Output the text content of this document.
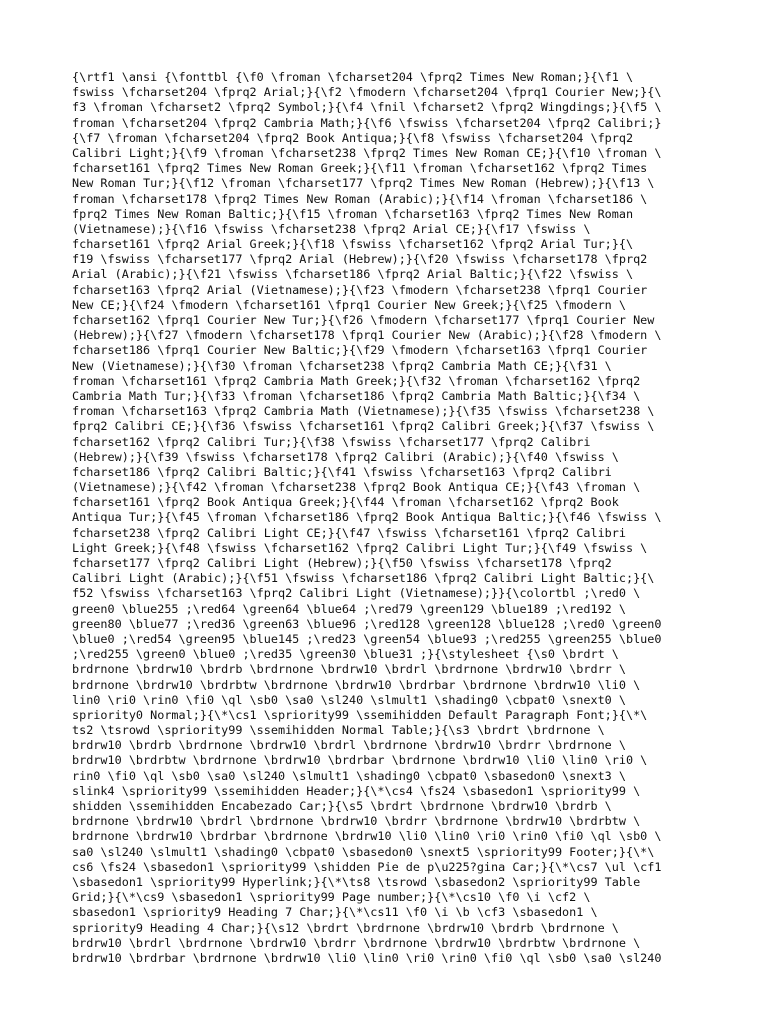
{\rtf1 \ansi {\fonttbl {\f0 \froman \fcharset204 \fprq2 Times New Roman;}{\f1 \
fswiss \fcharset204 \fprq2 Arial;}{\f2 \fmodern \fcharset204 \fprq1 Courier New;}{\
f3 \froman \fcharset2 \fprq2 Symbol;}{\f4 \fnil \fcharset2 \fprq2 Wingdings;}{\f5 \
froman \fcharset204 \fprq2 Cambria Math;}{\f6 \fswiss \fcharset204 \fprq2 Calibri;}
{\f7 \froman \fcharset204 \fprq2 Book Antiqua;}{\f8 \fswiss \fcharset204 \fprq2
Calibri Light;}{\f9 \froman \fcharset238 \fprq2 Times New Roman CE;}{\f10 \froman \
fcharset161 \fprq2 Times New Roman Greek;}{\f11 \froman \fcharset162 \fprq2 Times
New Roman Tur;}{\f12 \froman \fcharset177 \fprq2 Times New Roman (Hebrew);}{\f13 \
froman \fcharset178 \fprq2 Times New Roman (Arabic);}{\f14 \froman \fcharset186 \
fprq2 Times New Roman Baltic;}{\f15 \froman \fcharset163 \fprq2 Times New Roman
(Vietnamese);}{\f16 \fswiss \fcharset238 \fprq2 Arial CE;}{\f17 \fswiss \
fcharset161 \fprq2 Arial Greek;}{\f18 \fswiss \fcharset162 \fprq2 Arial Tur;}{\
f19 \fswiss \fcharset177 \fprq2 Arial (Hebrew);}{\f20 \fswiss \fcharset178 \fprq2
Arial (Arabic);}{\f21 \fswiss \fcharset186 \fprq2 Arial Baltic;}{\f22 \fswiss \
fcharset163 \fprq2 Arial (Vietnamese);}{\f23 \fmodern \fcharset238 \fprq1 Courier
New CE;}{\f24 \fmodern \fcharset161 \fprq1 Courier New Greek;}{\f25 \fmodern \
fcharset162 \fprq1 Courier New Tur;}{\f26 \fmodern \fcharset177 \fprq1 Courier New
(Hebrew);}{\f27 \fmodern \fcharset178 \fprq1 Courier New (Arabic);}{\f28 \fmodern \
fcharset186 \fprq1 Courier New Baltic;}{\f29 \fmodern \fcharset163 \fprq1 Courier
New (Vietnamese);}{\f30 \froman \fcharset238 \fprq2 Cambria Math CE;}{\f31 \
froman \fcharset161 \fprq2 Cambria Math Greek;}{\f32 \froman \fcharset162 \fprq2
Cambria Math Tur;}{\f33 \froman \fcharset186 \fprq2 Cambria Math Baltic;}{\f34 \
froman \fcharset163 \fprq2 Cambria Math (Vietnamese);}{\f35 \fswiss \fcharset238 \
fprq2 Calibri CE;}{\f36 \fswiss \fcharset161 \fprq2 Calibri Greek;}{\f37 \fswiss \
fcharset162 \fprq2 Calibri Tur;}{\f38 \fswiss \fcharset177 \fprq2 Calibri
(Hebrew);}{\f39 \fswiss \fcharset178 \fprq2 Calibri (Arabic);}{\f40 \fswiss \
fcharset186 \fprq2 Calibri Baltic;}{\f41 \fswiss \fcharset163 \fprq2 Calibri
(Vietnamese);}{\f42 \froman \fcharset238 \fprq2 Book Antiqua CE;}{\f43 \froman \
fcharset161 \fprq2 Book Antiqua Greek;}{\f44 \froman \fcharset162 \fprq2 Book
Antiqua Tur;}{\f45 \froman \fcharset186 \fprq2 Book Antiqua Baltic;}{\f46 \fswiss \
fcharset238 \fprq2 Calibri Light CE;}{\f47 \fswiss \fcharset161 \fprq2 Calibri
Light Greek;}{\f48 \fswiss \fcharset162 \fprq2 Calibri Light Tur;}{\f49 \fswiss \
fcharset177 \fprq2 Calibri Light (Hebrew);}{\f50 \fswiss \fcharset178 \fprq2
Calibri Light (Arabic);}{\f51 \fswiss \fcharset186 \fprq2 Calibri Light Baltic;}{\
f52 \fswiss \fcharset163 \fprq2 Calibri Light (Vietnamese);}}{\colortbl ;\red0 \
green0 \blue255 ;\red64 \green64 \blue64 ;\red79 \green129 \blue189 ;\red192 \
green80 \blue77 ;\red36 \green63 \blue96 ;\red128 \green128 \blue128 ;\red0 \green0
\blue0 ;\red54 \green95 \blue145 ;\red23 \green54 \blue93 ;\red255 \green255 \blue0
;\red255 \green0 \blue0 ;\red35 \green30 \blue31 ;}{\stylesheet {\s0 \brdrt \
brdrnone \brdrw10 \brdrb \brdrnone \brdrw10 \brdrl \brdrnone \brdrw10 \brdrr \
brdrnone \brdrw10 \brdrbtw \brdrnone \brdrw10 \brdrbar \brdrnone \brdrw10 \li0 \
lin0 \ri0 \rin0 \fi0 \ql \sb0 \sa0 \sl240 \slmult1 \shading0 \cbpat0 \snext0 \
spriority0 Normal;}{\*\cs1 \spriority99 \ssemihidden Default Paragraph Font;}{\*\
ts2 \tsrowd \spriority99 \ssemihidden Normal Table;}{\s3 \brdrt \brdrnone \
brdrw10 \brdrb \brdrnone \brdrw10 \brdrl \brdrnone \brdrw10 \brdrr \brdrnone \
brdrw10 \brdrbtw \brdrnone \brdrw10 \brdrbar \brdrnone \brdrw10 \li0 \lin0 \ri0 \
rin0 \fi0 \ql \sb0 \sa0 \sl240 \slmult1 \shading0 \cbpat0 \sbasedon0 \snext3 \
slink4 \spriority99 \ssemihidden Header;}{\*\cs4 \fs24 \sbasedon1 \spriority99 \
shidden \ssemihidden Encabezado Car;}{\s5 \brdrt \brdrnone \brdrw10 \brdrb \
brdrnone \brdrw10 \brdrl \brdrnone \brdrw10 \brdrr \brdrnone \brdrw10 \brdrbtw \
brdrnone \brdrw10 \brdrbar \brdrnone \brdrw10 \li0 \lin0 \ri0 \rin0 \fi0 \ql \sb0 \
sa0 \sl240 \slmult1 \shading0 \cbpat0 \sbasedon0 \snext5 \spriority99 Footer;}{\*\
cs6 \fs24 \sbasedon1 \spriority99 \shidden Pie de p\u225?gina Car;}{\*\cs7 \ul \cf1
\sbasedon1 \spriority99 Hyperlink;}{\*\ts8 \tsrowd \sbasedon2 \spriority99 Table
Grid;}{\*\cs9 \sbasedon1 \spriority99 Page number;}{\*\cs10 \f0 \i \cf2 \
sbasedon1 \spriority9 Heading 7 Char;}{\*\cs11 \f0 \i \b \cf3 \sbasedon1 \
spriority9 Heading 4 Char;}{\s12 \brdrt \brdrnone \brdrw10 \brdrb \brdrnone \
brdrw10 \brdrl \brdrnone \brdrw10 \brdrr \brdrnone \brdrw10 \brdrbtw \brdrnone \
brdrw10 \brdrbar \brdrnone \brdrw10 \li0 \lin0 \ri0 \rin0 \fi0 \ql \sb0 \sa0 \sl240
